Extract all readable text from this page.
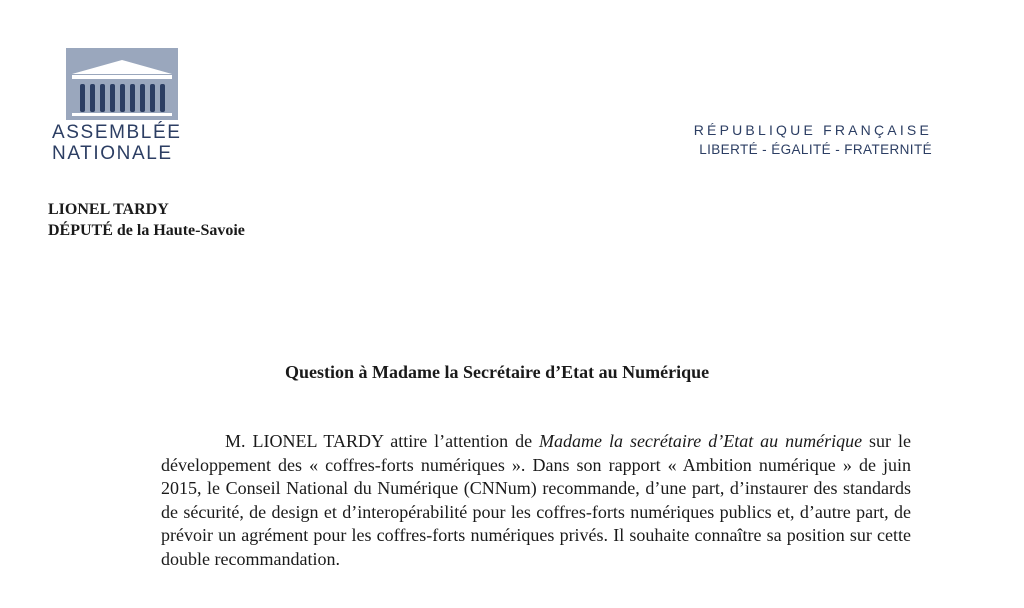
ASSEMBLÉE
NATIONALE
RÉPUBLIQUE FRANÇAISE
LIBERTÉ - ÉGALITÉ - FRATERNITÉ
LIONEL TARDY
DÉPUTÉ de la Haute-Savoie
Question à Madame la Secrétaire d’Etat au Numérique

M. LIONEL TARDY attire l’attention de Madame la secrétaire d’Etat au numérique sur le développement des « coffres-forts numériques ». Dans son rapport « Ambition numérique » de juin 2015, le Conseil National du Numérique (CNNum) recommande, d’une part, d’instaurer des standards de sécurité, de design et d’interopérabilité pour les coffres-forts numériques publics et, d’autre part, de prévoir un agrément pour les coffres-forts numériques privés. Il souhaite connaître sa position sur cette double recommandation.
